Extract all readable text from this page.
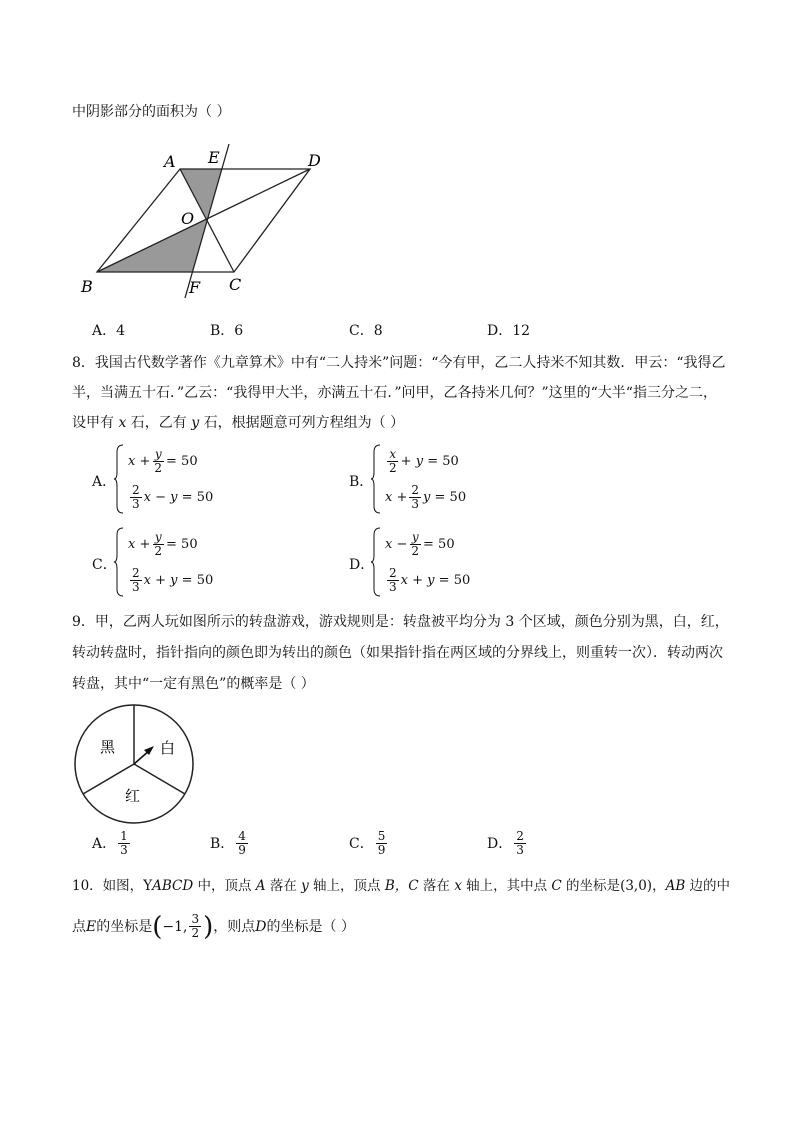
中阴影部分的面积为（ ）
A E	D
O
B	F C
A．4	B．6	C．8	D．12
8．我国古代数学著作《九章算术》中有“二人持米”问题：“今有甲，乙二人持米不知其数．甲云：“我得乙
半，当满五十石．”乙云：“我得甲大半，亦满五十石．”问甲，乙各持米几何？”这里的“大半“指三分之二，
设甲有 x 石，乙有 y 石，根据题意可列方程组为（ ）
A．
x
+ $\frac{y}{2} = 50$
$\frac{2}{3}$ x
−
y
= 50
B．
$\frac{x}{2}$ +
y
= 50
x
+ $\frac{2}{3}$ y
= 50
C．
x
+ $\frac{y}{2} = 50$
$\frac{2}{3}$ x
+
y
= 50
D．
x
− $\frac{y}{2} = 50$
$\frac{2}{3}$ x
+
y
= 50
9．甲，乙两人玩如图所示的转盘游戏，游戏规则是：转盘被平均分为 3 个区域，颜色分别为黑，白，红，
转动转盘时，指针指向的颜色即为转出的颜色（如果指针指在两区域的分界线上，则重转一次）．转动两次
转盘，其中“一定有黑色”的概率是（ ）
黑	白
红
A． $\frac{1}{3}$	B． $\frac{4}{9}$	C． $\frac{5}{9}$	D． $\frac{2}{3}$
10．如图，YABCD 中，顶点 A 落在 y 轴上，顶点 B，C 落在 x 轴上，其中点 C 的坐标是(3,0)，AB 边的中
点 E 的坐标是 ( −1, $\frac{3}{2}$ ) ，则点 D 的坐标是（ ）
